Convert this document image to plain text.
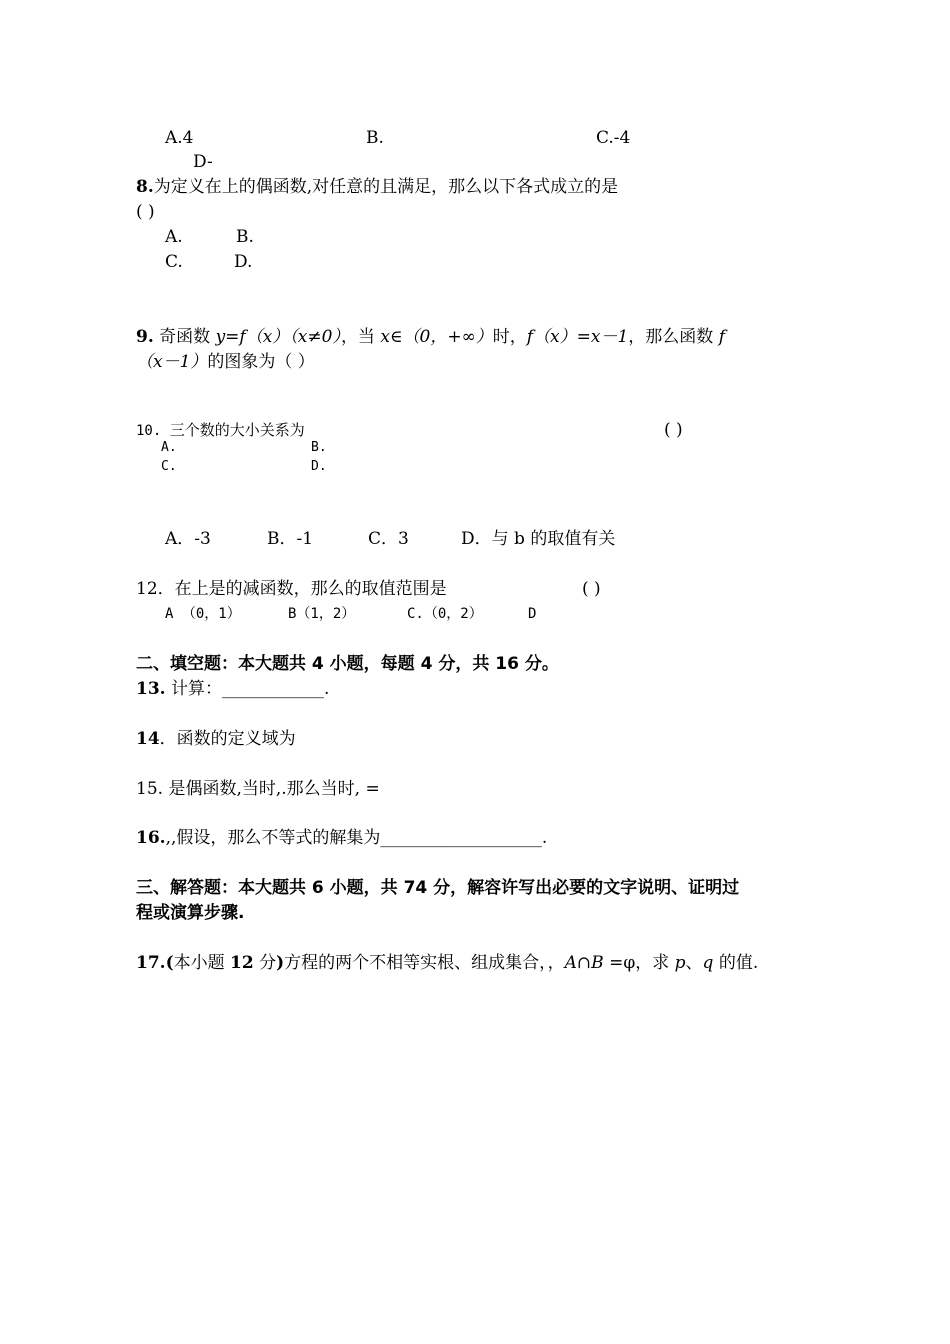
A.4	B.	C.-4
D-
8.为定义在上的偶函数,对任意的且满足，那么以下各式成立的是
( )
A.	B.
C.	D.
9. 奇函数 y=f（x）（x≠0），当 x∈（0，+∞）时，f（x）=x－1，那么函数 f
（x－1）的图象为（ ）
10. 三个数的大小关系为	( )
A.	B.
C.	D.
A．-3	B．-1	C．3	D．与 b 的取值有关
12．在上是的减函数，那么的取值范围是	( )
A （0，1）	B（1，2）	C.（0，2）	D
二、填空题：本大题共 4 小题，每题 4 分，共 16 分。
13. 计算：____________.
14．函数的定义域为
15. 是偶函数,当时,.那么当时, =
16.,,假设，那么不等式的解集为___________________.
三、解答题：本大题共 6 小题，共 74 分，解容许写出必要的文字说明、证明过
程或演算步骤.
17.(本小题 12 分)方程的两个不相等实根、组成集合，，A∩B =φ，求 p、q 的值.
